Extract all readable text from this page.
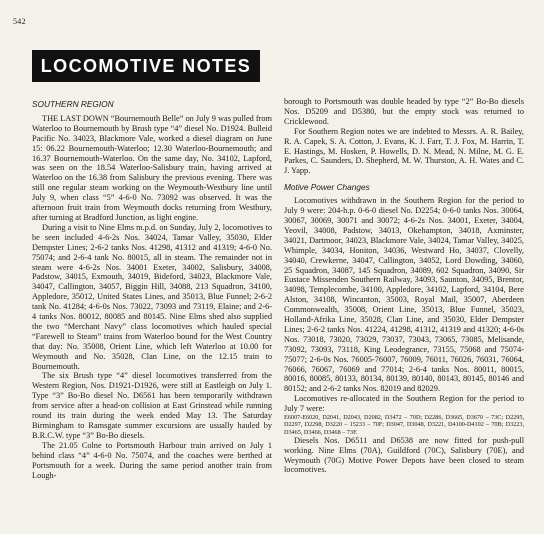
542
LOCOMOTIVE NOTES
SOUTHERN REGION

THE LAST DOWN “Bournemouth Belle” on July 9 was pulled from Waterloo to Bournemouth by Brush type “4” diesel No. D1924. Bulleid Pacific No. 34023, Blackmore Vale, worked a diesel diagram on June 15: 06.22 Bournemouth-Waterloo; 12.30 Waterloo-Bournemouth; and 16.37 Bournemouth-Waterloo. On the same day, No. 34102, Lapford, was seen on the 18.54 Waterloo-Salisbury train, having arrived at Waterloo on the 16.38 from Salisbury the previous evening. There was still one regular steam working on the Weymouth-Westbury line until July 9, when class “5” 4-6-0 No. 73092 was observed. It was the afternoon fruit train from Weymouth docks returning from Westbury, after turning at Bradford Junction, as light engine.

During a visit to Nine Elms m.p.d. on Sunday, July 2, locomotives to be seen included 4-6-2s Nos. 34024, Tamar Valley, 35030, Elder Dempster Lines; 2-6-2 tanks Nos. 41298, 41312 and 41319; 4-6-0 No. 75074; and 2-6-4 tank No. 80015, all in steam. The remainder not in steam were 4-6-2s Nos. 34001 Exeter, 34002, Salisbury, 34008, Padstow, 34015, Exmouth, 34019, Bideford, 34023, Blackmore Vale, 34047, Callington, 34057, Biggin Hill, 34088, 213 Squadron, 34100, Appledore, 35012, United States Lines, and 35013, Blue Funnel; 2-6-2 tank No. 41284; 4-6-0s Nos. 73022, 73093 and 73119, Elaine; and 2-6-4 tanks Nos. 80012, 80085 and 80145. Nine Elms shed also supplied the two “Merchant Navy” class locomotives which hauled special “Farewell to Steam” trains from Waterloo bound for the West Country that day: No. 35008, Orient Line, which left Waterloo at 10.00 for Weymouth and No. 35028, Clan Line, on the 12.15 train to Bournemouth.

The six Brush type “4” diesel locomotives transferred from the Western Region, Nos. D1921-D1926, were still at Eastleigh on July 1. Type “3” Bo-Bo diesel No. D6561 has been temporarily withdrawn from service after a head-on collision at East Grinstead while running round its train during the week ended May 13. The Saturday Birmingham to Ramsgate summer excursions are usually hauled by B.R.C.W. type “3” Bo-Bo diesels.

The 21.05 Colne to Portsmouth Harbour train arrived on July 1 behind class “4” 4-6-0 No. 75074, and the coaches were berthed at Portsmouth for a week. During the same period another train from Lough-

borough to Portsmouth was double headed by type “2” Bo-Bo diesels Nos. D5209 and D5380, but the empty stock was returned to Cricklewood.

For Southern Region notes we are indebted to Messrs. A. R. Bailey, R. A. Capek, S. A. Cotton, J. Evans, K. J. Farr, T. J. Fox, M. Harrin, T. E. Hastings, M. Hosken, P. Howells, D. N. Mead, N. Milne, M. G. E. Parkes, C. Saunders, D. Shepherd, M. W. Thurston, A. H. Wates and C. J. Yapp.

Motive Power Changes

Locomotives withdrawn in the Southern Region for the period to July 9 were: 204-h.p. 0-6-0 diesel No. D2254; 0-6-0 tanks Nos. 30064, 30067, 30069, 30071 and 30072; 4-6-2s Nos. 34001, Exeter, 34004, Yeovil, 34008, Padstow, 34013, Okehampton, 34018, Axminster, 34021, Dartmoor, 34023, Blackmore Vale, 34024, Tamar Valley, 34025, Whimple, 34034, Honiton, 34036, Westward Ho, 34037, Clovelly, 34040, Crewkerne, 34047, Callington, 34052, Lord Dowding, 34060, 25 Squadron, 34087, 145 Squadron, 34089, 602 Squadron, 34090, Sir Eustace Missenden Southern Railway, 34093, Saunton, 34095, Brentor, 34098, Templecombe, 34100, Appledore, 34102, Lapford, 34104, Bere Alston, 34108, Wincanton, 35003, Royal Mail, 35007, Aberdeen Commonwealth, 35008, Orient Line, 35013, Blue Funnel, 35023, Holland-Afrika Line, 35028, Clan Line, and 35030, Elder Dempster Lines; 2-6-2 tanks Nos. 41224, 41298, 41312, 41319 and 41320; 4-6-0s Nos. 73018, 73020, 73029, 73037, 73043, 73065, 73085, Melisande, 73092, 73093, 73118, King Leodegrance, 73155, 75068 and 75074-75077; 2-6-0s Nos. 76005-76007, 76009, 76011, 76026, 76031, 76064, 76066, 76067, 76069 and 77014; 2-6-4 tanks Nos. 80011, 80015, 80016, 80085, 80133, 80134, 80139, 80140, 80143, 80145, 80146 and 80152; and 2-6-2 tanks Nos. 82019 and 82029.

Locomotives re-allocated in the Southern Region for the period to July 7 were:

E6007-E6020, D2041, D2043, D2082, D3472 – 70D; D2286, D3665, D3670 – 73C; D2295, D2297, D2298, D3220 – 15233 – 70F; D3047, D3048, D3221, D4100-D4102 – 70B; D3223, D3465, D3466, D3468 – 73F.

Diesels Nos. D6511 and D6538 are now fitted for push-pull working. Nine Elms (70A), Guildford (70C), Salisbury (70E), and Weymouth (70G) Motive Power Depots have been closed to steam locomotives.
